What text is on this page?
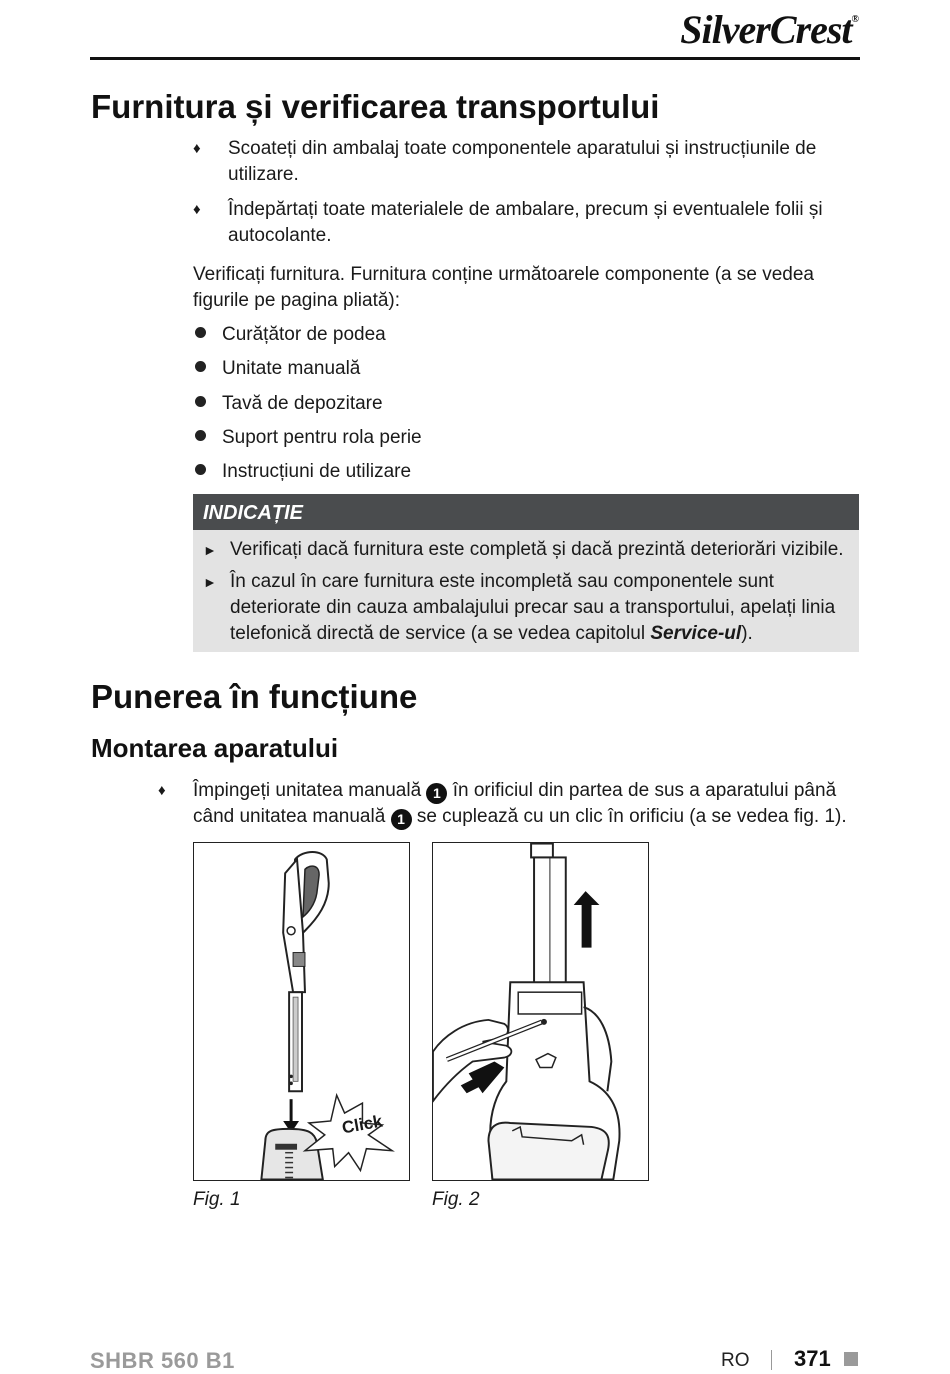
SilverCrest®
Furnitura și verificarea transportului
♦ Scoateți din ambalaj toate componentele aparatului și instrucțiunile de utilizare.
♦ Îndepărtați toate materialele de ambalare, precum și eventualele folii și autocolante.
Verificați furnitura. Furnitura conține următoarele componente (a se vedea figurile pe pagina pliată):
Curățător de podea
Unitate manuală
Tavă de depozitare
Suport pentru rola perie
Instrucțiuni de utilizare
INDICAȚIE
► Verificați dacă furnitura este completă și dacă prezintă deteriorări vizibile.
► În cazul în care furnitura este incompletă sau componentele sunt deteriorate din cauza ambalajului precar sau a transportului, apelați linia telefonică directă de service (a se vedea capitolul Service-ul).
Punerea în funcțiune
Montarea aparatului
♦ Împingeți unitatea manuală 1 în orificiul din partea de sus a aparatului până când unitatea manuală 1 se cuplează cu un clic în orificiu (a se vedea fig. 1).
Click
Fig. 1	Fig. 2
SHBR 560 B1	RO 371
